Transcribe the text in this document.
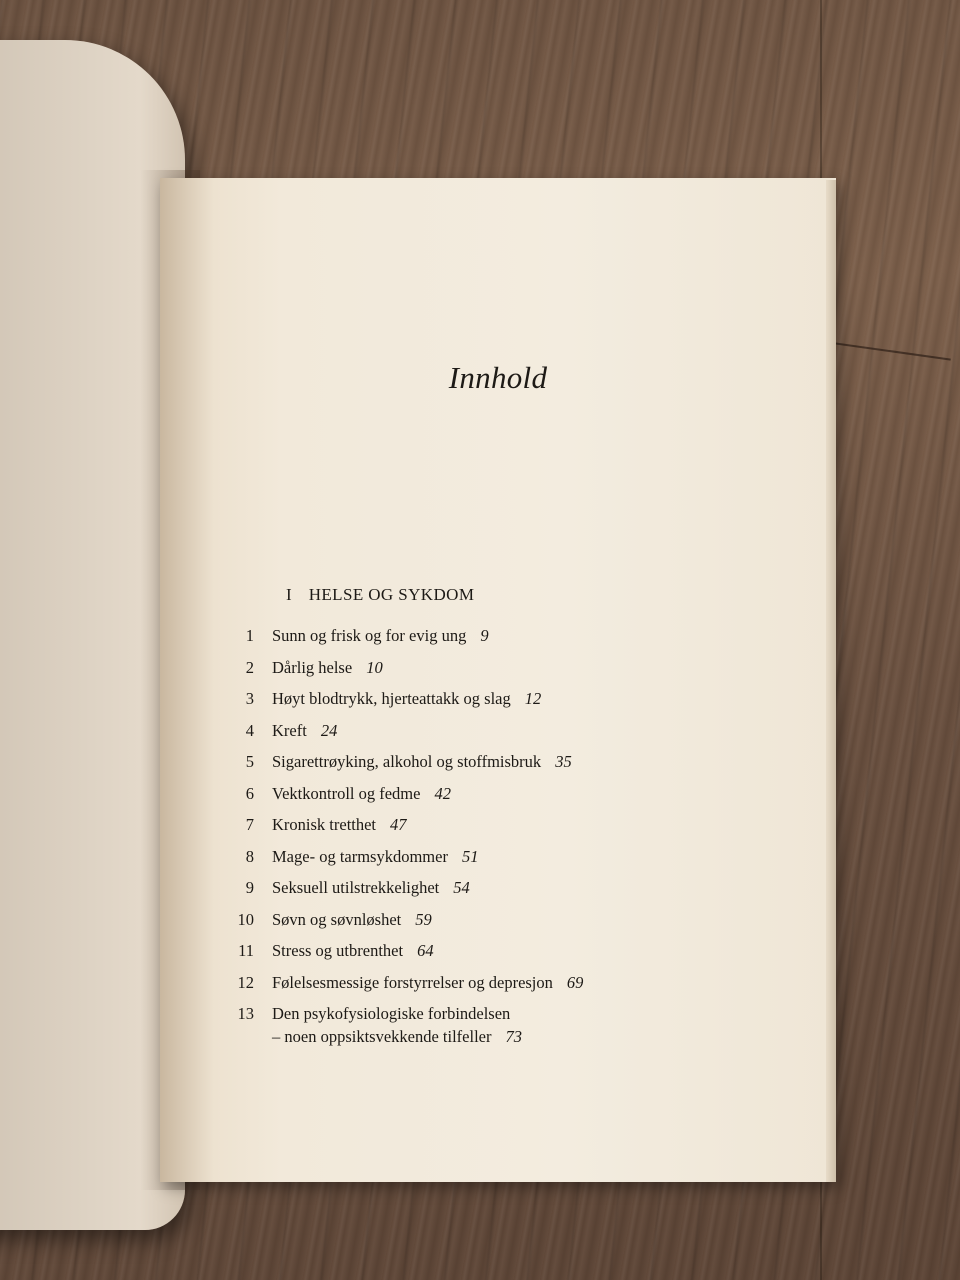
Innhold
I HELSE OG SYKDOM
1 Sunn og frisk og for evig ung 9
2 Dårlig helse 10
3 Høyt blodtrykk, hjerteattakk og slag 12
4 Kreft 24
5 Sigarettrøyking, alkohol og stoffmisbruk 35
6 Vektkontroll og fedme 42
7 Kronisk tretthet 47
8 Mage- og tarmsykdommer 51
9 Seksuell utilstrekkelighet 54
10 Søvn og søvnløshet 59
11 Stress og utbrenthet 64
12 Følelsesmessige forstyrrelser og depresjon 69
13 Den psykofysiologiske forbindelsen
– noen oppsiktsvekkende tilfeller 73
